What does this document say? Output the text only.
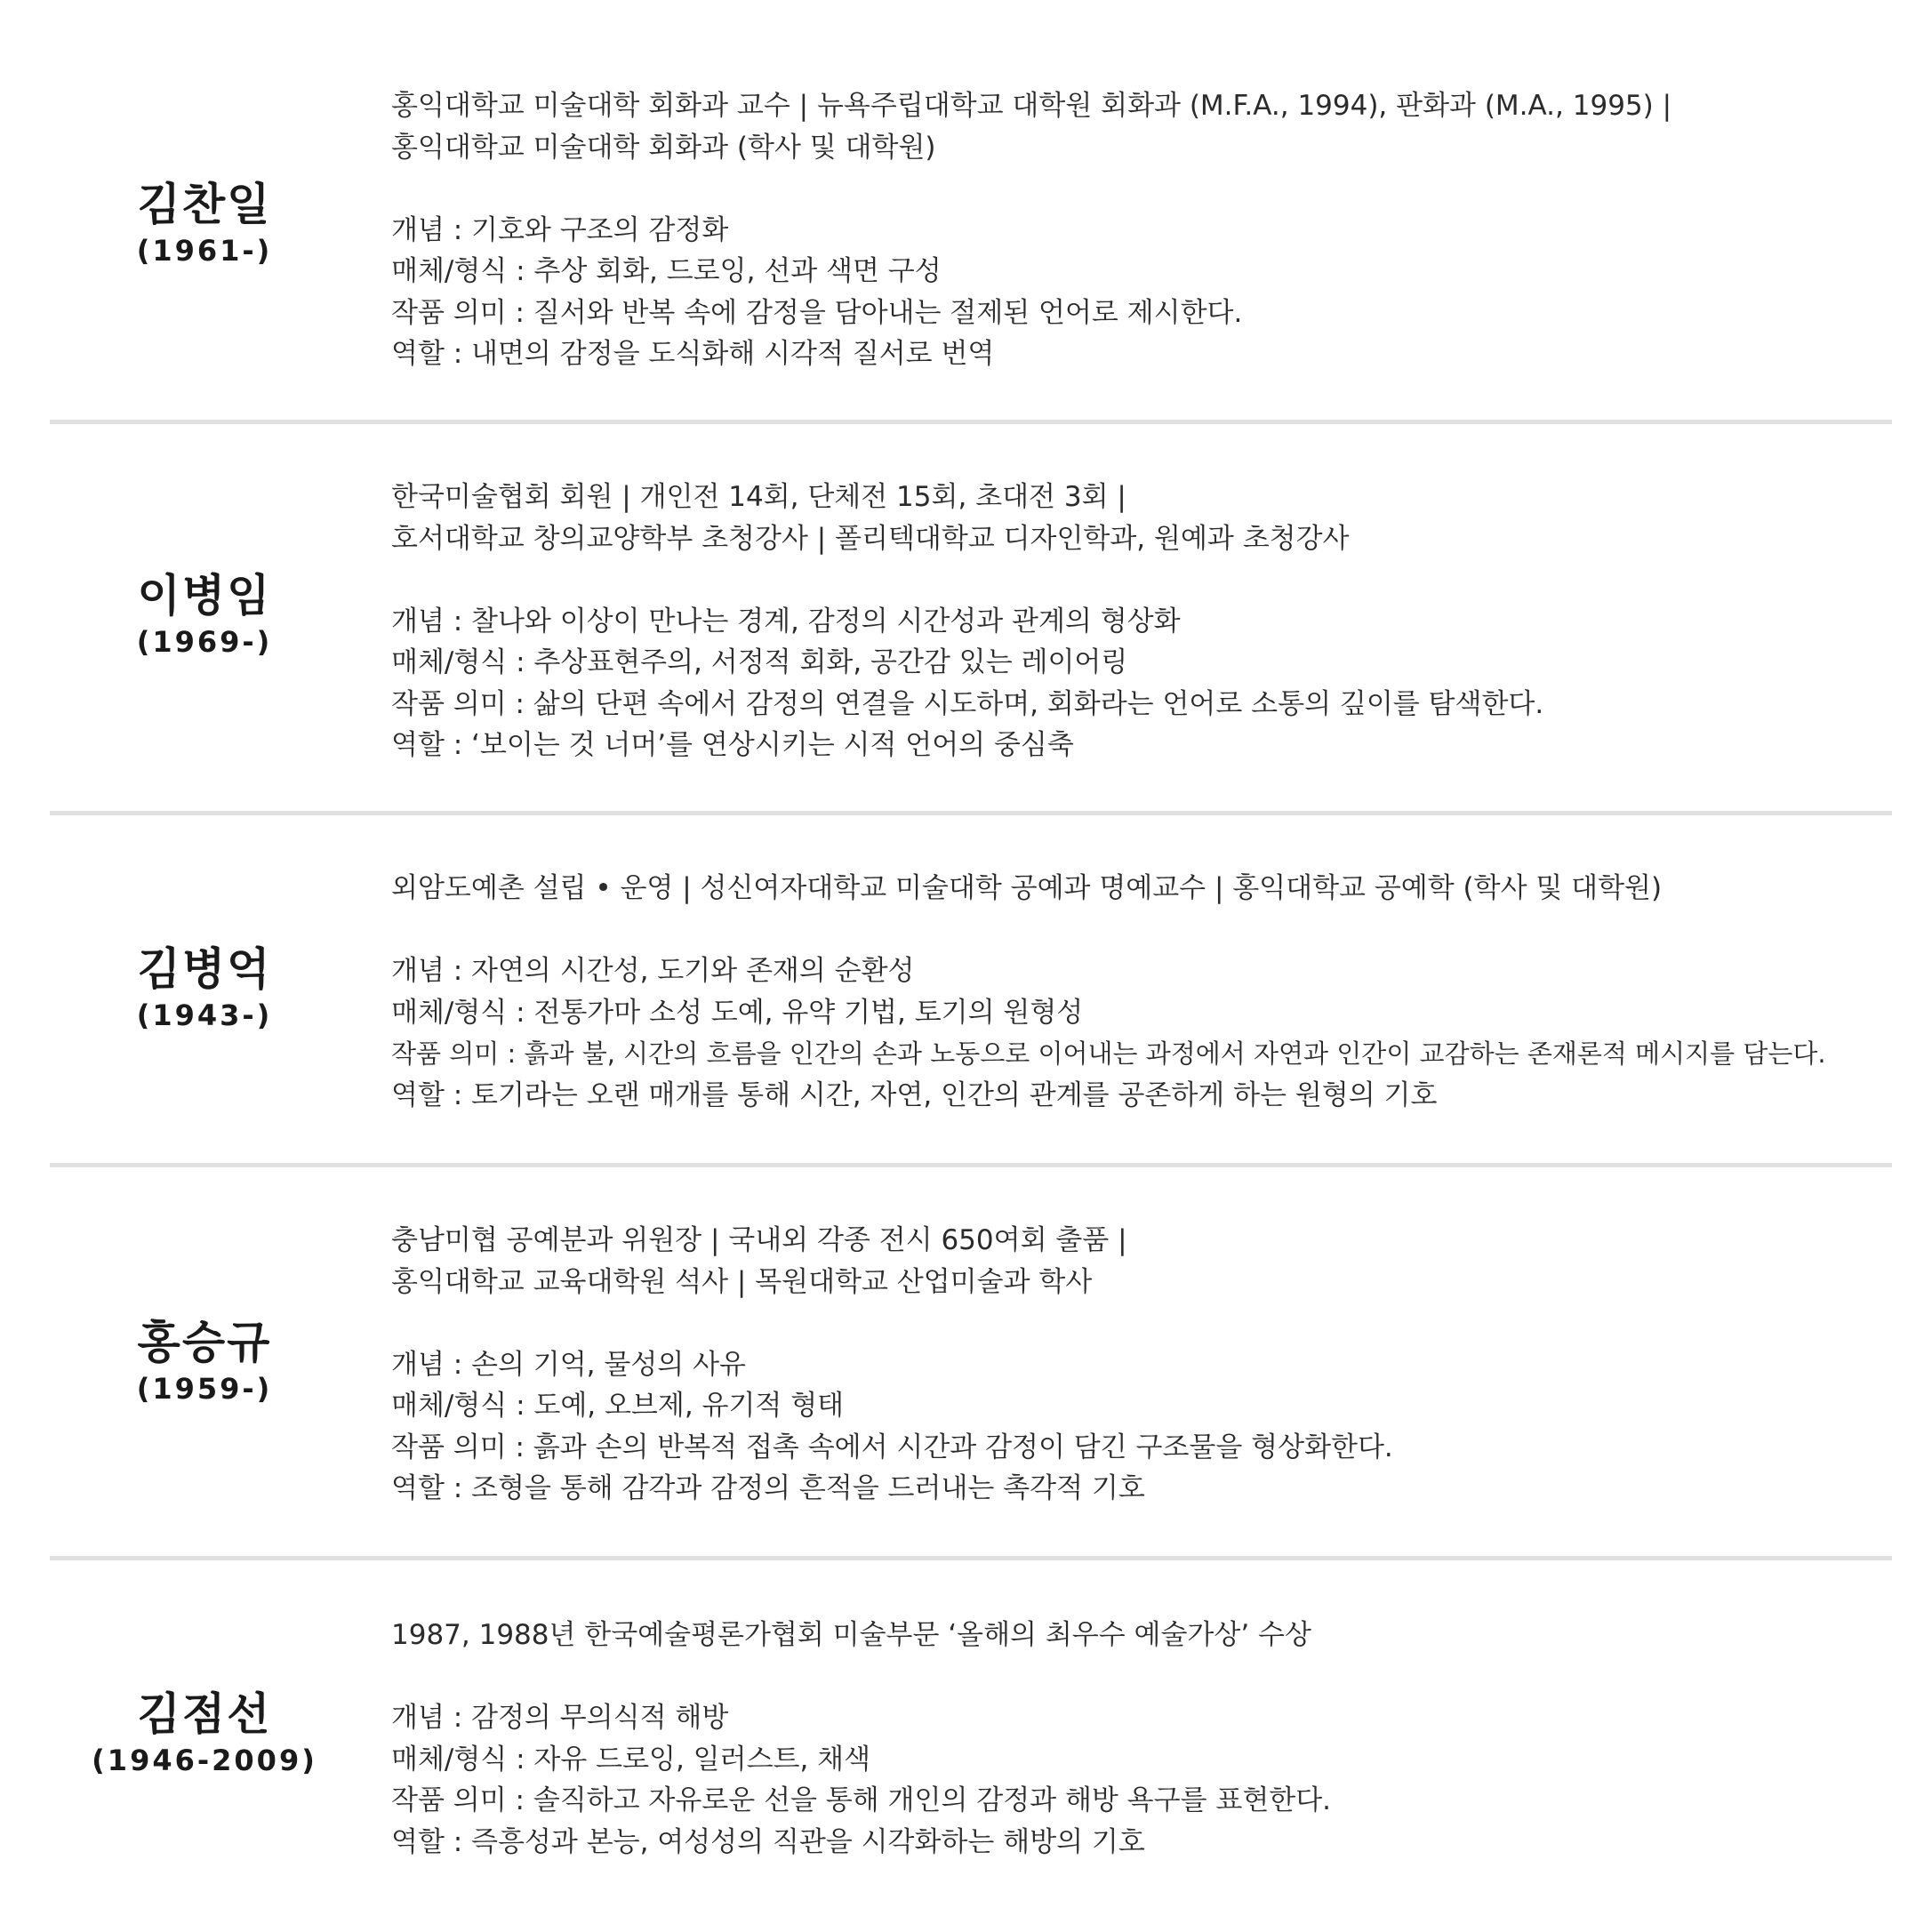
김찬일
(1961-)
홍익대학교 미술대학 회화과 교수 | 뉴욕주립대학교 대학원 회화과 (M.F.A., 1994), 판화과 (M.A., 1995) |
홍익대학교 미술대학 회화과 (학사 및 대학원)
개념 : 기호와 구조의 감정화
매체/형식 : 추상 회화, 드로잉, 선과 색면 구성
작품 의미 : 질서와 반복 속에 감정을 담아내는 절제된 언어로 제시한다.
역할 : 내면의 감정을 도식화해 시각적 질서로 번역
이병임
(1969-)
한국미술협회 회원 | 개인전 14회, 단체전 15회, 초대전 3회 |
호서대학교 창의교양학부 초청강사 | 폴리텍대학교 디자인학과, 원예과 초청강사
개념 : 찰나와 이상이 만나는 경계, 감정의 시간성과 관계의 형상화
매체/형식 : 추상표현주의, 서정적 회화, 공간감 있는 레이어링
작품 의미 : 삶의 단편 속에서 감정의 연결을 시도하며, 회화라는 언어로 소통의 깊이를 탐색한다.
역할 : ‘보이는 것 너머’를 연상시키는 시적 언어의 중심축
김병억
(1943-)
외암도예촌 설립 • 운영 | 성신여자대학교 미술대학 공예과 명예교수 | 홍익대학교 공예학 (학사 및 대학원)
개념 : 자연의 시간성, 도기와 존재의 순환성
매체/형식 : 전통가마 소성 도예, 유약 기법, 토기의 원형성
작품 의미 : 흙과 불, 시간의 흐름을 인간의 손과 노동으로 이어내는 과정에서 자연과 인간이 교감하는 존재론적 메시지를 담는다.
역할 : 토기라는 오랜 매개를 통해 시간, 자연, 인간의 관계를 공존하게 하는 원형의 기호
홍승규
(1959-)
충남미협 공예분과 위원장 | 국내외 각종 전시 650여회 출품 |
홍익대학교 교육대학원 석사 | 목원대학교 산업미술과 학사
개념 : 손의 기억, 물성의 사유
매체/형식 : 도예, 오브제, 유기적 형태
작품 의미 : 흙과 손의 반복적 접촉 속에서 시간과 감정이 담긴 구조물을 형상화한다.
역할 : 조형을 통해 감각과 감정의 흔적을 드러내는 촉각적 기호
김점선
(1946-2009)
1987, 1988년 한국예술평론가협회 미술부문 ‘올해의 최우수 예술가상’ 수상
개념 : 감정의 무의식적 해방
매체/형식 : 자유 드로잉, 일러스트, 채색
작품 의미 : 솔직하고 자유로운 선을 통해 개인의 감정과 해방 욕구를 표현한다.
역할 : 즉흥성과 본능, 여성성의 직관을 시각화하는 해방의 기호
